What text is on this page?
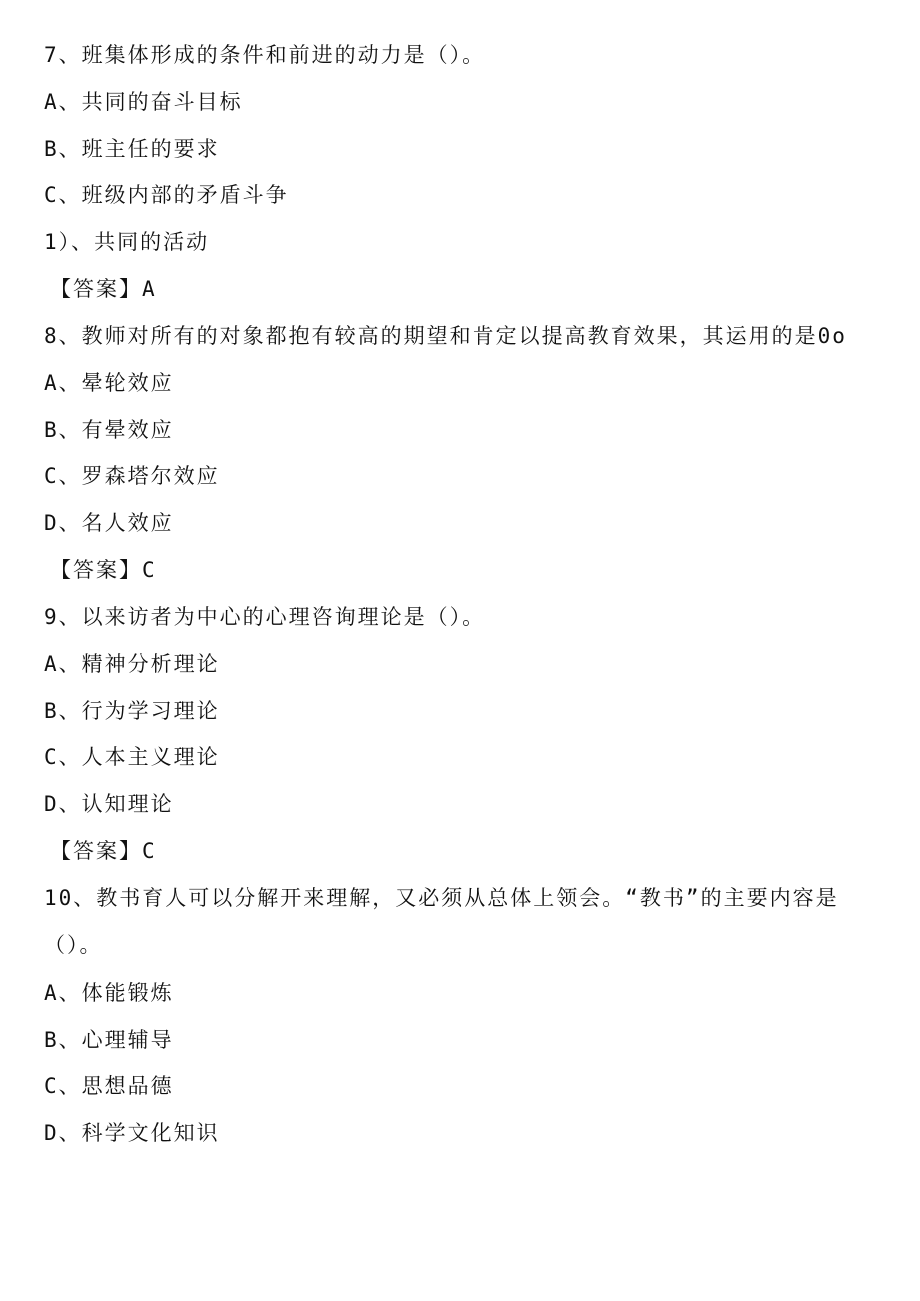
7、班集体形成的条件和前进的动力是（）。
A、共同的奋斗目标
B、班主任的要求
C、班级内部的矛盾斗争
1）、共同的活动
【答案】A
8、教师对所有的对象都抱有较高的期望和肯定以提高教育效果，其运用的是0o
A、晕轮效应
B、有晕效应
C、罗森塔尔效应
D、名人效应
【答案】C
9、以来访者为中心的心理咨询理论是（）。
A、精神分析理论
B、行为学习理论
C、人本主义理论
D、认知理论
【答案】C
10、教书育人可以分解开来理解，又必须从总体上领会。“教书”的主要内容是
（）。
A、体能锻炼
B、心理辅导
C、思想品德
D、科学文化知识
